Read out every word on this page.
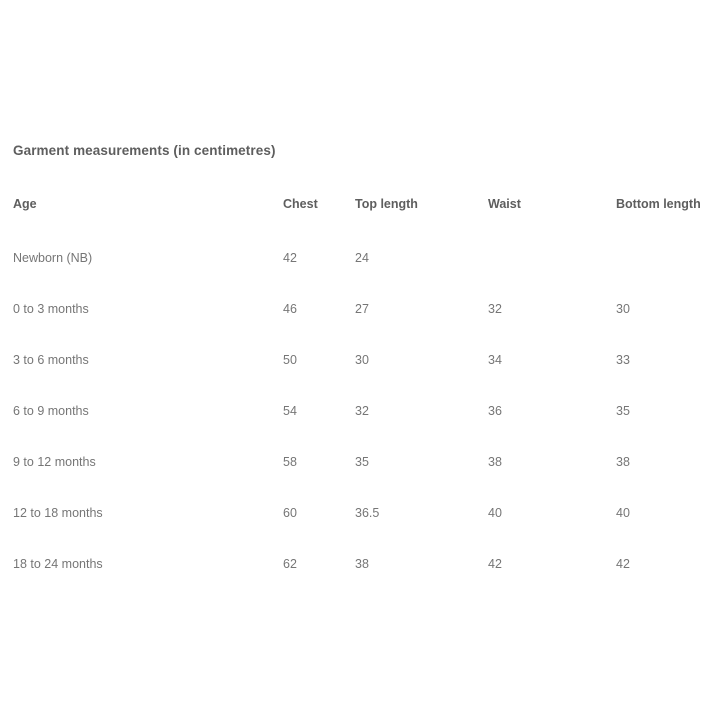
Garment measurements (in centimetres)
Age	Chest	Top length	Waist	Bottom length
Newborn (NB)	42	24		
0 to 3 months	46	27	32	30
3 to 6 months	50	30	34	33
6 to 9 months	54	32	36	35
9 to 12 months	58	35	38	38
12 to 18 months	60	36.5	40	40
18 to 24 months	62	38	42	42
